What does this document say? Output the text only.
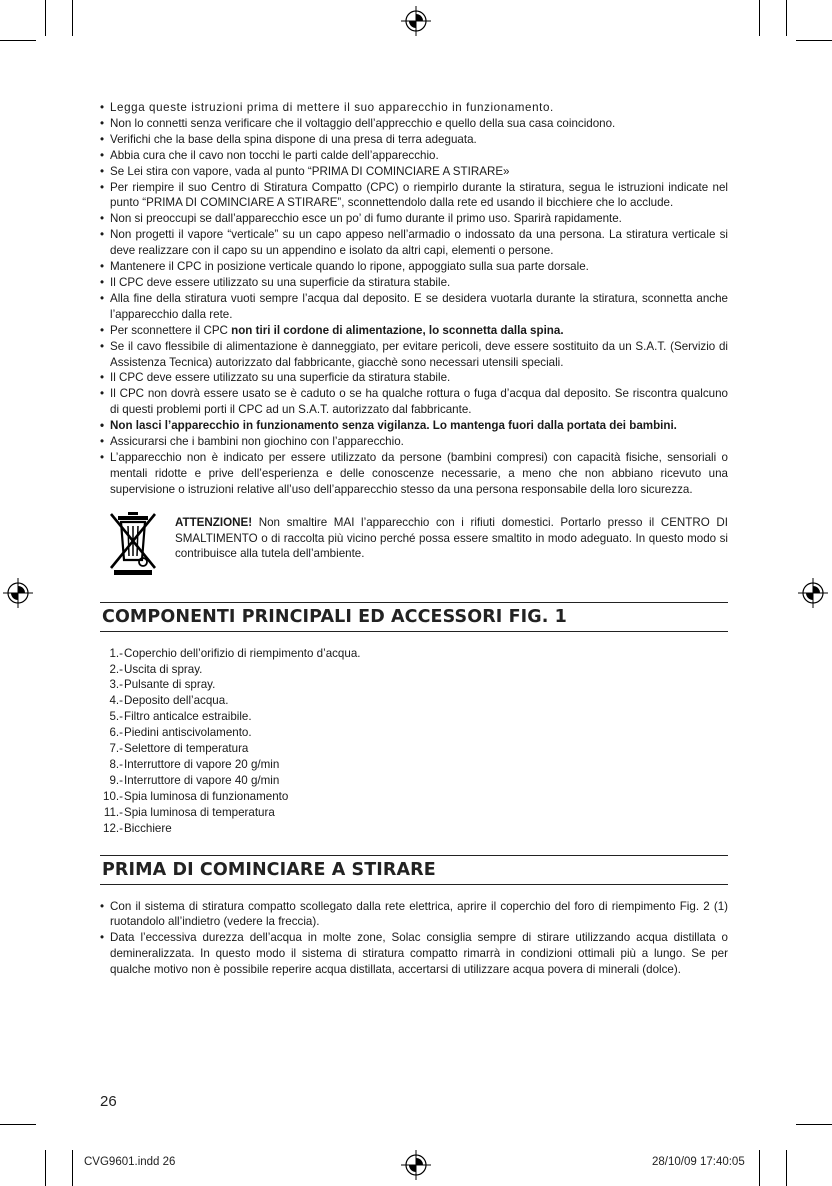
• Legga queste istruzioni prima di mettere il suo apparecchio in funzionamento.
• Non lo connetti senza verificare che il voltaggio dell’apprecchio e quello della sua casa coincidono.
• Verifichi che la base della spina dispone di una presa di terra adeguata.
• Abbia cura che il cavo non tocchi le parti calde dell’apparecchio.
• Se Lei stira con vapore, vada al punto “PRIMA DI COMINCIARE A STIRARE»
• Per riempire il suo Centro di Stiratura Compatto (CPC) o riempirlo durante la stiratura, segua le istruzioni indicate nel punto “PRIMA DI COMINCIARE A STIRARE”, sconnettendolo dalla rete ed usando il bicchiere che lo acclude.
• Non si preoccupi se dall’apparecchio esce un po’ di fumo durante il primo uso. Sparirà rapidamente.
• Non progetti il vapore “verticale” su un capo appeso nell’armadio o indossato da una persona. La stiratura verticale si deve realizzare con il capo su un appendino e isolato da altri capi, elementi o persone.
• Mantenere il CPC in posizione verticale quando lo ripone, appoggiato sulla sua parte dorsale.
• Il CPC deve essere utilizzato su una superficie da stiratura stabile.
• Alla fine della stiratura vuoti sempre l’acqua dal deposito. E se desidera vuotarla durante la stiratura, sconnetta anche l’apparecchio dalla rete.
• Per sconnettere il CPC non tiri il cordone di alimentazione, lo sconnetta dalla spina.
• Se il cavo flessibile di alimentazione è danneggiato, per evitare pericoli, deve essere sostituito da un S.A.T. (Servizio di Assistenza Tecnica) autorizzato dal fabbricante, giacchè sono necessari utensili speciali.
• Il CPC deve essere utilizzato su una superficie da stiratura stabile.
• Il CPC non dovrà essere usato se è caduto o se ha qualche rottura o fuga d’acqua dal deposito. Se riscontra qualcuno di questi problemi porti il CPC ad un S.A.T. autorizzato dal fabbricante.
• Non lasci l’apparecchio in funzionamento senza vigilanza. Lo mantenga fuori dalla portata dei bambini.
• Assicurarsi che i bambini non giochino con l’apparecchio.
• L’apparecchio non è indicato per essere utilizzato da persone (bambini compresi) con capacità fisiche, sensoriali o mentali ridotte e prive dell’esperienza e delle conoscenze necessarie, a meno che non abbiano ricevuto una supervisione o istruzioni relative all’uso dell’apparecchio stesso da una persona responsabile della loro sicurezza.
ATTENZIONE! Non smaltire MAI l’apparecchio con i rifiuti domestici. Portarlo presso il CENTRO DI SMALTIMENTO o di raccolta più vicino perché possa essere smaltito in modo adeguato. In questo modo si contribuisce alla tutela dell’ambiente.
COMPONENTI PRINCIPALI ED ACCESSORI FIG. 1
1.- Coperchio dell’orifizio di riempimento d’acqua.
2.- Uscita di spray.
3.- Pulsante di spray.
4.- Deposito dell’acqua.
5.- Filtro anticalce estraibile.
6.- Piedini antiscivolamento.
7.- Selettore di temperatura
8.- Interruttore di vapore 20 g/min
9.- Interruttore di vapore 40 g/min
10.- Spia luminosa di funzionamento
11.- Spia luminosa di temperatura
12.- Bicchiere
PRIMA DI COMINCIARE A STIRARE
• Con il sistema di stiratura compatto scollegato dalla rete elettrica, aprire il coperchio del foro di riempimento Fig. 2 (1) ruotandolo all’indietro (vedere la freccia).
• Data l’eccessiva durezza dell’acqua in molte zone, Solac consiglia sempre di stirare utilizzando acqua distillata o demineralizzata. In questo modo il sistema di stiratura compatto rimarrà in condizioni ottimali più a lungo. Se per qualche motivo non è possibile reperire acqua distillata, accertarsi di utilizzare acqua povera di minerali (dolce).
26
CVG9601.indd 26	28/10/09 17:40:05
